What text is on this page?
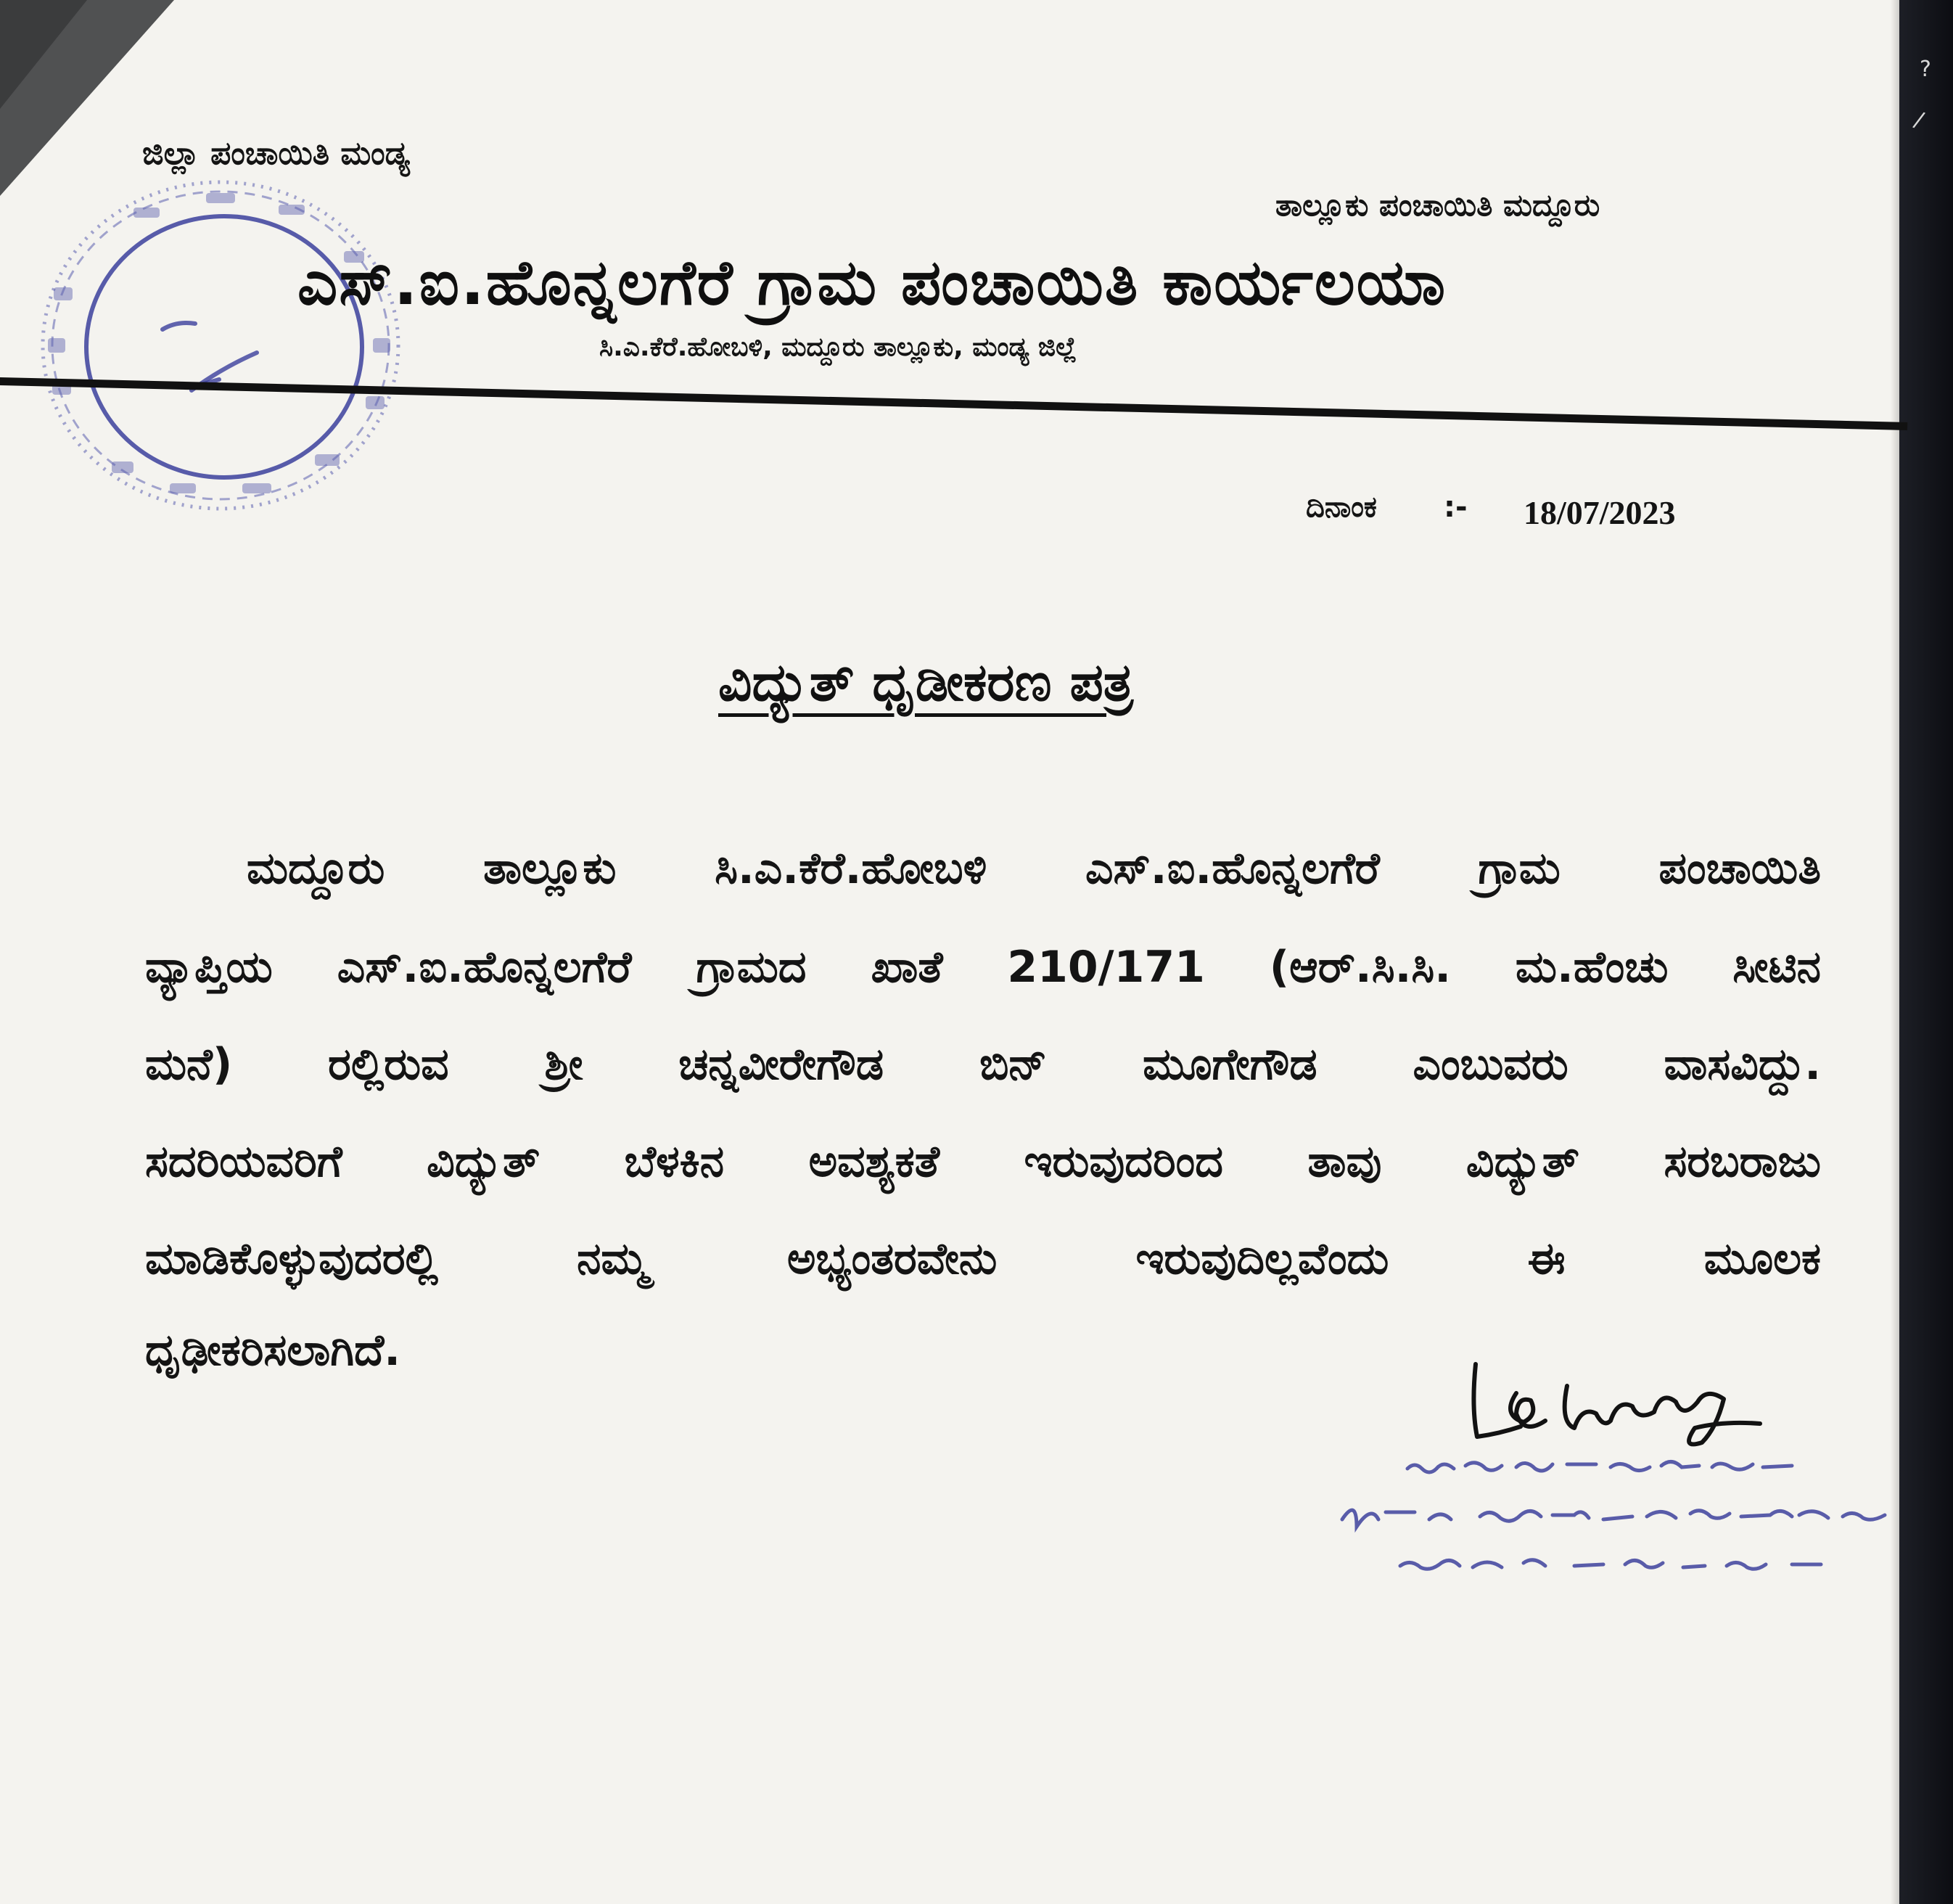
?
/
ಜಿಲ್ಲಾ ಪಂಚಾಯಿತಿ ಮಂಡ್ಯ
ತಾಲ್ಲೂಕು ಪಂಚಾಯಿತಿ ಮದ್ದೂರು
ಎಸ್.ಐ.ಹೊನ್ನಲಗೆರೆ ಗ್ರಾಮ ಪಂಚಾಯಿತಿ ಕಾರ್ಯಲಯಾ
ಸಿ.ಎ.ಕೆರೆ.ಹೋಬಳಿ, ಮದ್ದೂರು ತಾಲ್ಲೂಕು, ಮಂಡ್ಯ ಜಿಲ್ಲೆ
ದಿನಾಂಕ :- 18/07/2023
ವಿದ್ಯುತ್ ಧೃಡೀಕರಣ ಪತ್ರ
ಮದ್ದೂರು ತಾಲ್ಲೂಕು ಸಿ.ಎ.ಕೆರೆ.ಹೋಬಳಿ ಎಸ್.ಐ.ಹೊನ್ನಲಗೆರೆ ಗ್ರಾಮ ಪಂಚಾಯಿತಿ
ವ್ಯಾಪ್ತಿಯ ಎಸ್.ಐ.ಹೊನ್ನಲಗೆರೆ ಗ್ರಾಮದ ಖಾತೆ 210/171 (ಆರ್.ಸಿ.ಸಿ. ಮ.ಹೆಂಚು ಸೀಟಿನ
ಮನೆ) ರಲ್ಲಿರುವ ಶ್ರೀ ಚನ್ನವೀರೇಗೌಡ ಬಿನ್ ಮೂಗೇಗೌಡ ಎಂಬುವರು ವಾಸವಿದ್ದು.
ಸದರಿಯವರಿಗೆ ವಿದ್ಯುತ್ ಬೆಳಕಿನ ಅವಶ್ಯಕತೆ ಇರುವುದರಿಂದ ತಾವು ವಿದ್ಯುತ್ ಸರಬರಾಜು
ಮಾಡಿಕೊಳ್ಳುವುದರಲ್ಲಿ ನಮ್ಮ ಅಭ್ಯಂತರವೇನು ಇರುವುದಿಲ್ಲವೆಂದು ಈ ಮೂಲಕ
ಧೃಢೀಕರಿಸಲಾಗಿದೆ.
